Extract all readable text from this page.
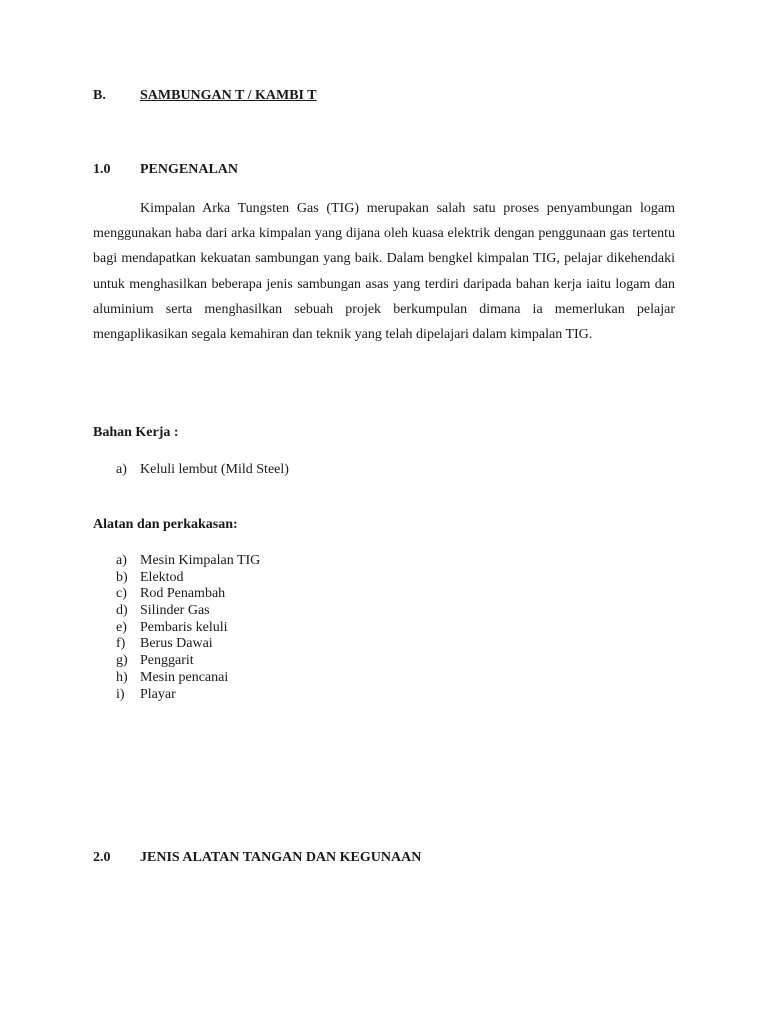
B. SAMBUNGAN T / KAMBI T
1.0 PENGENALAN

Kimpalan Arka Tungsten Gas (TIG) merupakan salah satu proses penyambungan logam menggunakan haba dari arka kimpalan yang dijana oleh kuasa elektrik dengan penggunaan gas tertentu bagi mendapatkan kekuatan sambungan yang baik. Dalam bengkel kimpalan TIG, pelajar dikehendaki untuk menghasilkan beberapa jenis sambungan asas yang terdiri daripada bahan kerja iaitu logam dan aluminium serta menghasilkan sebuah projek berkumpulan dimana ia memerlukan pelajar mengaplikasikan segala kemahiran dan teknik yang telah dipelajari dalam kimpalan TIG.

Bahan Kerja :
a) Keluli lembut (Mild Steel)
Alatan dan perkakasan:
a) Mesin Kimpalan TIG
b) Elektod
c) Rod Penambah
d) Silinder Gas
e) Pembaris keluli
f) Berus Dawai
g) Penggarit
h) Mesin pencanai
i) Playar
2.0 JENIS ALATAN TANGAN DAN KEGUNAAN
